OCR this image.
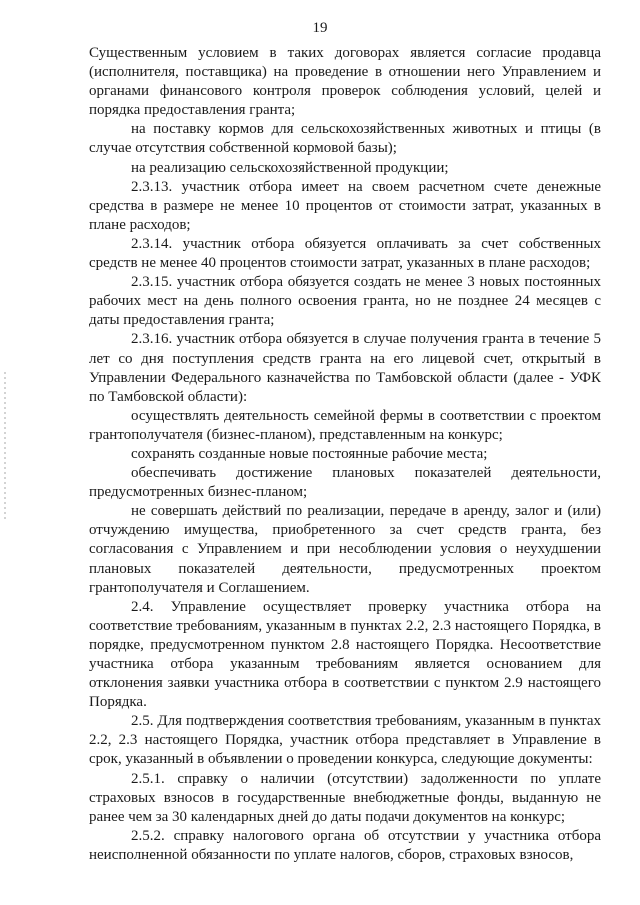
19

Существенным условием в таких договорах является согласие продавца (исполнителя, поставщика) на проведение в отношении него Управлением и органами финансового контроля проверок соблюдения условий, целей и порядка предоставления гранта;

на поставку кормов для сельскохозяйственных животных и птицы (в случае отсутствия собственной кормовой базы);

на реализацию сельскохозяйственной продукции;

2.3.13. участник отбора имеет на своем расчетном счете денежные средства в размере не менее 10 процентов от стоимости затрат, указанных в плане расходов;

2.3.14. участник отбора обязуется оплачивать за счет собственных средств не менее 40 процентов стоимости затрат, указанных в плане расходов;

2.3.15. участник отбора обязуется создать не менее 3 новых постоянных рабочих мест на день полного освоения гранта, но не позднее 24 месяцев с даты предоставления гранта;

2.3.16. участник отбора обязуется в случае получения гранта в течение 5 лет со дня поступления средств гранта на его лицевой счет, открытый в Управлении Федерального казначейства по Тамбовской области (далее - УФК по Тамбовской области):

осуществлять деятельность семейной фермы в соответствии с проектом грантополучателя (бизнес-планом), представленным на конкурс;

сохранять созданные новые постоянные рабочие места;

обеспечивать достижение плановых показателей деятельности, предусмотренных бизнес-планом;

не совершать действий по реализации, передаче в аренду, залог и (или) отчуждению имущества, приобретенного за счет средств гранта, без согласования с Управлением и при несоблюдении условия о неухудшении плановых показателей деятельности, предусмотренных проектом грантополучателя и Соглашением.

2.4. Управление осуществляет проверку участника отбора на соответствие требованиям, указанным в пунктах 2.2, 2.3 настоящего Порядка, в порядке, предусмотренном пунктом 2.8 настоящего Порядка. Несоответствие участника отбора указанным требованиям является основанием для отклонения заявки участника отбора в соответствии с пунктом 2.9 настоящего Порядка.

2.5. Для подтверждения соответствия требованиям, указанным в пунктах 2.2, 2.3 настоящего Порядка, участник отбора представляет в Управление в срок, указанный в объявлении о проведении конкурса, следующие документы:

2.5.1. справку о наличии (отсутствии) задолженности по уплате страховых взносов в государственные внебюджетные фонды, выданную не ранее чем за 30 календарных дней до даты подачи документов на конкурс;

2.5.2. справку налогового органа об отсутствии у участника отбора неисполненной обязанности по уплате налогов, сборов, страховых взносов,
